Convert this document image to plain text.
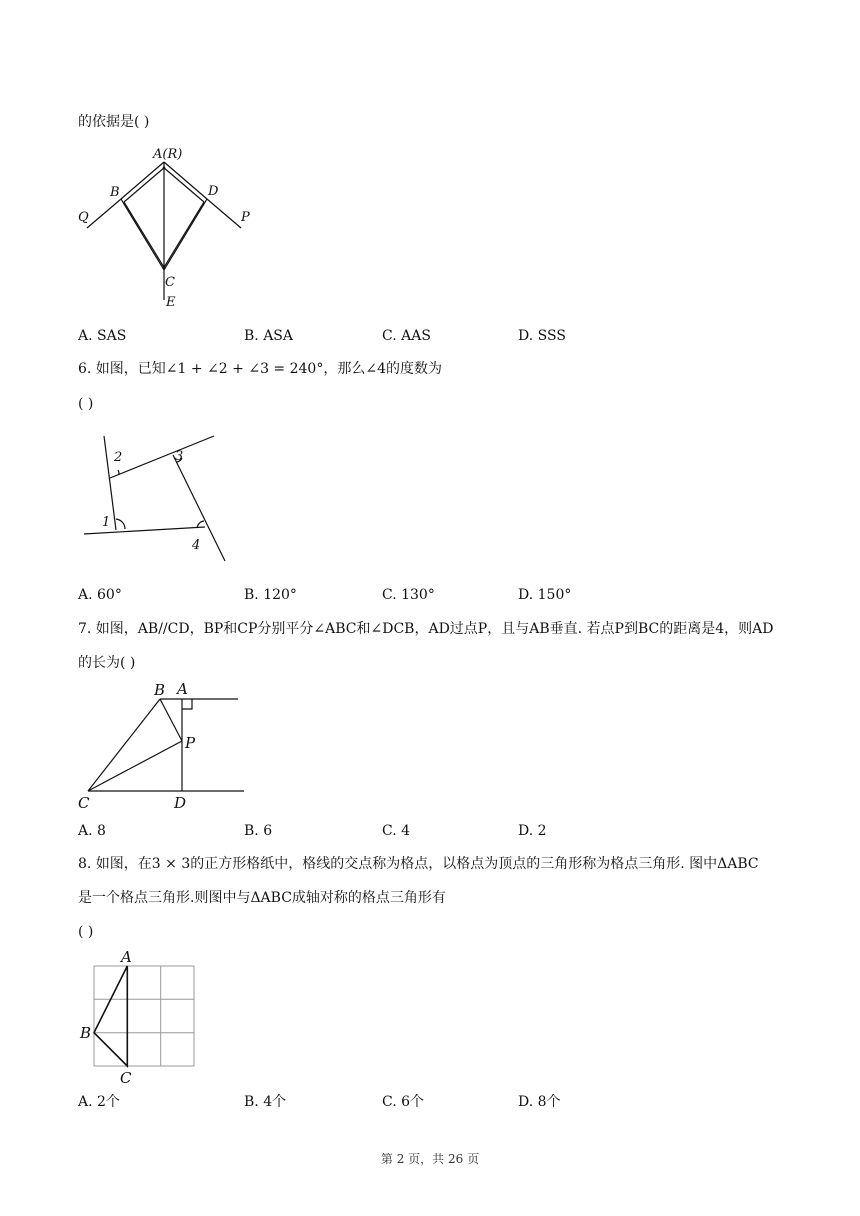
的依据是( )
A(R)
B	D
Q	P
C
E
A. SAS	B. ASA	C. AAS	D. SSS
6. 如图，已知∠1 + ∠2 + ∠3 = 240°，那么∠4的度数为
( )
2	3
1
4
A. 60°	B. 120°	C. 130°	D. 150°
7. 如图，AB//CD，BP和CP分别平分∠ABC和∠DCB，AD过点P，且与AB垂直. 若点P到BC的距离是4，则AD
的长为( )
B A
P
C	D
A. 8	B. 6	C. 4	D. 2
8. 如图，在3 × 3的正方形格纸中，格线的交点称为格点，以格点为顶点的三角形称为格点三角形. 图中ΔABC
是一个格点三角形.则图中与ΔABC成轴对称的格点三角形有
( )
A
B
C
A. 2个	B. 4个	C. 6个	D. 8个
第 2 页，共 26 页
